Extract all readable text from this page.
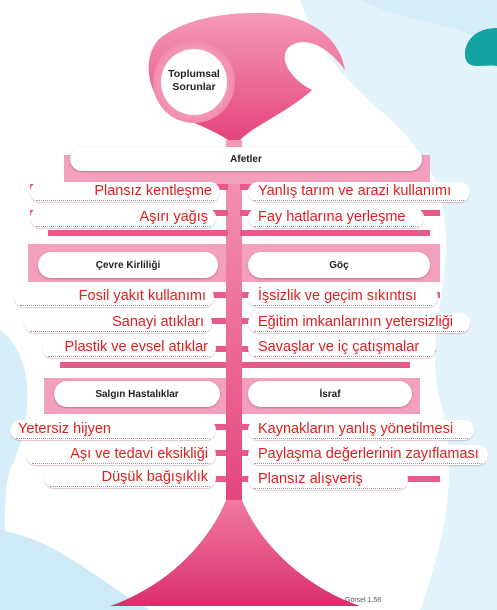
Toplumsal
Sorunlar
Afetler
Çevre Kirliliği	Göç
Salgın Hastalıklar	İsraf
Plansız kentleşme
Aşırı yağış
Yanlış tarım ve arazi kullanımı
Fay hatlarına yerleşme
Fosil yakıt kullanımı
Sanayi atıkları
Plastik ve evsel atıklar
İşsizlik ve geçim sıkıntısı
Eğitim imkanlarının yetersizliği
Savaşlar ve iç çatışmalar
Yetersiz hijyen
Aşı ve tedavi eksikliği
Düşük bağışıklık
Kaynakların yanlış yönetilmesi
Paylaşma değerlerinin zayıflaması
Plansız alışveriş
Görsel 1.58
